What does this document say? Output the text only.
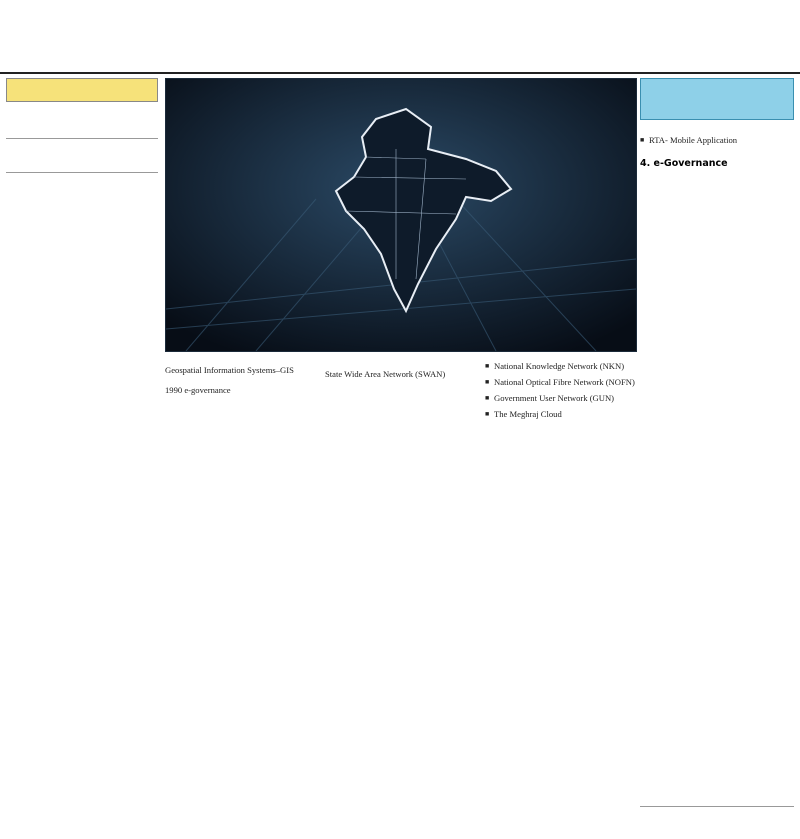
Geospatial Information Systems–GIS
1990 e-governance
State Wide Area Network (SWAN)
■ National Knowledge Network (NKN)
■ National Optical Fibre Network (NOFN)
■ Government User Network (GUN)
■ The Meghraj Cloud
■ RTA- Mobile Application
4. e-Governance
